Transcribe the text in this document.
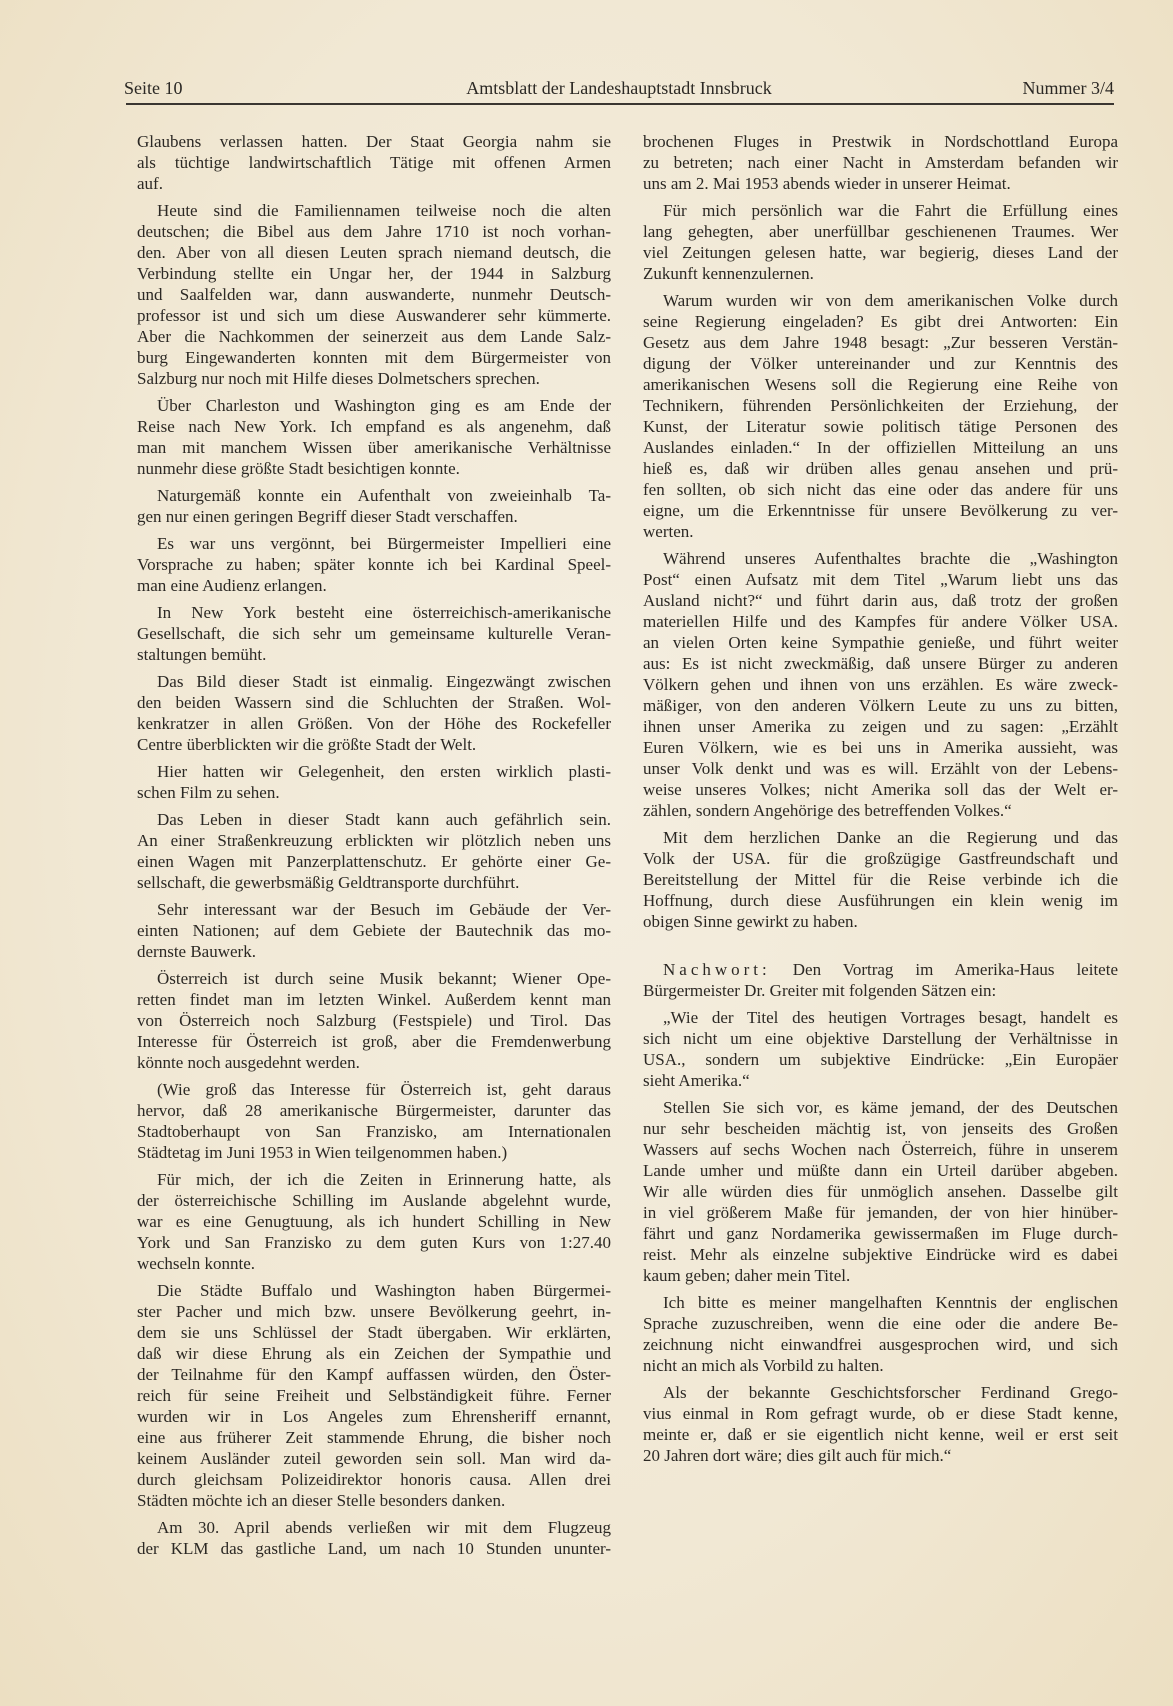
Seite 10	Amtsblatt der Landeshauptstadt Innsbruck	Nummer 3/4
Glaubens verlassen hatten. Der Staat Georgia nahm sie
als tüchtige landwirtschaftlich Tätige mit offenen Armen
auf.
Heute sind die Familiennamen teilweise noch die alten
deutschen; die Bibel aus dem Jahre 1710 ist noch vorhan-
den. Aber von all diesen Leuten sprach niemand deutsch, die
Verbindung stellte ein Ungar her, der 1944 in Salzburg
und Saalfelden war, dann auswanderte, nunmehr Deutsch-
professor ist und sich um diese Auswanderer sehr kümmerte.
Aber die Nachkommen der seinerzeit aus dem Lande Salz-
burg Eingewanderten konnten mit dem Bürgermeister von
Salzburg nur noch mit Hilfe dieses Dolmetschers sprechen.
Über Charleston und Washington ging es am Ende der
Reise nach New York. Ich empfand es als angenehm, daß
man mit manchem Wissen über amerikanische Verhältnisse
nunmehr diese größte Stadt besichtigen konnte.
Naturgemäß konnte ein Aufenthalt von zweieinhalb Ta-
gen nur einen geringen Begriff dieser Stadt verschaffen.
Es war uns vergönnt, bei Bürgermeister Impellieri eine
Vorsprache zu haben; später konnte ich bei Kardinal Speel-
man eine Audienz erlangen.
In New York besteht eine österreichisch-amerikanische
Gesellschaft, die sich sehr um gemeinsame kulturelle Veran-
staltungen bemüht.
Das Bild dieser Stadt ist einmalig. Eingezwängt zwischen
den beiden Wassern sind die Schluchten der Straßen. Wol-
kenkratzer in allen Größen. Von der Höhe des Rockefeller
Centre überblickten wir die größte Stadt der Welt.
Hier hatten wir Gelegenheit, den ersten wirklich plasti-
schen Film zu sehen.
Das Leben in dieser Stadt kann auch gefährlich sein.
An einer Straßenkreuzung erblickten wir plötzlich neben uns
einen Wagen mit Panzerplattenschutz. Er gehörte einer Ge-
sellschaft, die gewerbsmäßig Geldtransporte durchführt.
Sehr interessant war der Besuch im Gebäude der Ver-
einten Nationen; auf dem Gebiete der Bautechnik das mo-
dernste Bauwerk.
Österreich ist durch seine Musik bekannt; Wiener Ope-
retten findet man im letzten Winkel. Außerdem kennt man
von Österreich noch Salzburg (Festspiele) und Tirol. Das
Interesse für Österreich ist groß, aber die Fremdenwerbung
könnte noch ausgedehnt werden.
(Wie groß das Interesse für Österreich ist, geht daraus
hervor, daß 28 amerikanische Bürgermeister, darunter das
Stadtoberhaupt von San Franzisko, am Internationalen
Städtetag im Juni 1953 in Wien teilgenommen haben.)
Für mich, der ich die Zeiten in Erinnerung hatte, als
der österreichische Schilling im Auslande abgelehnt wurde,
war es eine Genugtuung, als ich hundert Schilling in New
York und San Franzisko zu dem guten Kurs von 1:27.40
wechseln konnte.
Die Städte Buffalo und Washington haben Bürgermei-
ster Pacher und mich bzw. unsere Bevölkerung geehrt, in-
dem sie uns Schlüssel der Stadt übergaben. Wir erklärten,
daß wir diese Ehrung als ein Zeichen der Sympathie und
der Teilnahme für den Kampf auffassen würden, den Öster-
reich für seine Freiheit und Selbständigkeit führe. Ferner
wurden wir in Los Angeles zum Ehrensheriff ernannt,
eine aus früherer Zeit stammende Ehrung, die bisher noch
keinem Ausländer zuteil geworden sein soll. Man wird da-
durch gleichsam Polizeidirektor honoris causa. Allen drei
Städten möchte ich an dieser Stelle besonders danken.
Am 30. April abends verließen wir mit dem Flugzeug
der KLM das gastliche Land, um nach 10 Stunden ununter-
brochenen Fluges in Prestwik in Nordschottland Europa
zu betreten; nach einer Nacht in Amsterdam befanden wir
uns am 2. Mai 1953 abends wieder in unserer Heimat.
Für mich persönlich war die Fahrt die Erfüllung eines
lang gehegten, aber unerfüllbar geschienenen Traumes. Wer
viel Zeitungen gelesen hatte, war begierig, dieses Land der
Zukunft kennenzulernen.
Warum wurden wir von dem amerikanischen Volke durch
seine Regierung eingeladen? Es gibt drei Antworten: Ein
Gesetz aus dem Jahre 1948 besagt: „Zur besseren Verstän-
digung der Völker untereinander und zur Kenntnis des
amerikanischen Wesens soll die Regierung eine Reihe von
Technikern, führenden Persönlichkeiten der Erziehung, der
Kunst, der Literatur sowie politisch tätige Personen des
Auslandes einladen.“ In der offiziellen Mitteilung an uns
hieß es, daß wir drüben alles genau ansehen und prü-
fen sollten, ob sich nicht das eine oder das andere für uns
eigne, um die Erkenntnisse für unsere Bevölkerung zu ver-
werten.
Während unseres Aufenthaltes brachte die „Washington
Post“ einen Aufsatz mit dem Titel „Warum liebt uns das
Ausland nicht?“ und führt darin aus, daß trotz der großen
materiellen Hilfe und des Kampfes für andere Völker USA.
an vielen Orten keine Sympathie genieße, und führt weiter
aus: Es ist nicht zweckmäßig, daß unsere Bürger zu anderen
Völkern gehen und ihnen von uns erzählen. Es wäre zweck-
mäßiger, von den anderen Völkern Leute zu uns zu bitten,
ihnen unser Amerika zu zeigen und zu sagen: „Erzählt
Euren Völkern, wie es bei uns in Amerika aussieht, was
unser Volk denkt und was es will. Erzählt von der Lebens-
weise unseres Volkes; nicht Amerika soll das der Welt er-
zählen, sondern Angehörige des betreffenden Volkes.“
Mit dem herzlichen Danke an die Regierung und das
Volk der USA. für die großzügige Gastfreundschaft und
Bereitstellung der Mittel für die Reise verbinde ich die
Hoffnung, durch diese Ausführungen ein klein wenig im
obigen Sinne gewirkt zu haben.
Nachwort: Den Vortrag im Amerika-Haus leitete
Bürgermeister Dr. Greiter mit folgenden Sätzen ein:
„Wie der Titel des heutigen Vortrages besagt, handelt es
sich nicht um eine objektive Darstellung der Verhältnisse in
USA., sondern um subjektive Eindrücke: „Ein Europäer
sieht Amerika.“
Stellen Sie sich vor, es käme jemand, der des Deutschen
nur sehr bescheiden mächtig ist, von jenseits des Großen
Wassers auf sechs Wochen nach Österreich, führe in unserem
Lande umher und müßte dann ein Urteil darüber abgeben.
Wir alle würden dies für unmöglich ansehen. Dasselbe gilt
in viel größerem Maße für jemanden, der von hier hinüber-
fährt und ganz Nordamerika gewissermaßen im Fluge durch-
reist. Mehr als einzelne subjektive Eindrücke wird es dabei
kaum geben; daher mein Titel.
Ich bitte es meiner mangelhaften Kenntnis der englischen
Sprache zuzuschreiben, wenn die eine oder die andere Be-
zeichnung nicht einwandfrei ausgesprochen wird, und sich
nicht an mich als Vorbild zu halten.
Als der bekannte Geschichtsforscher Ferdinand Grego-
vius einmal in Rom gefragt wurde, ob er diese Stadt kenne,
meinte er, daß er sie eigentlich nicht kenne, weil er erst seit
20 Jahren dort wäre; dies gilt auch für mich.“
